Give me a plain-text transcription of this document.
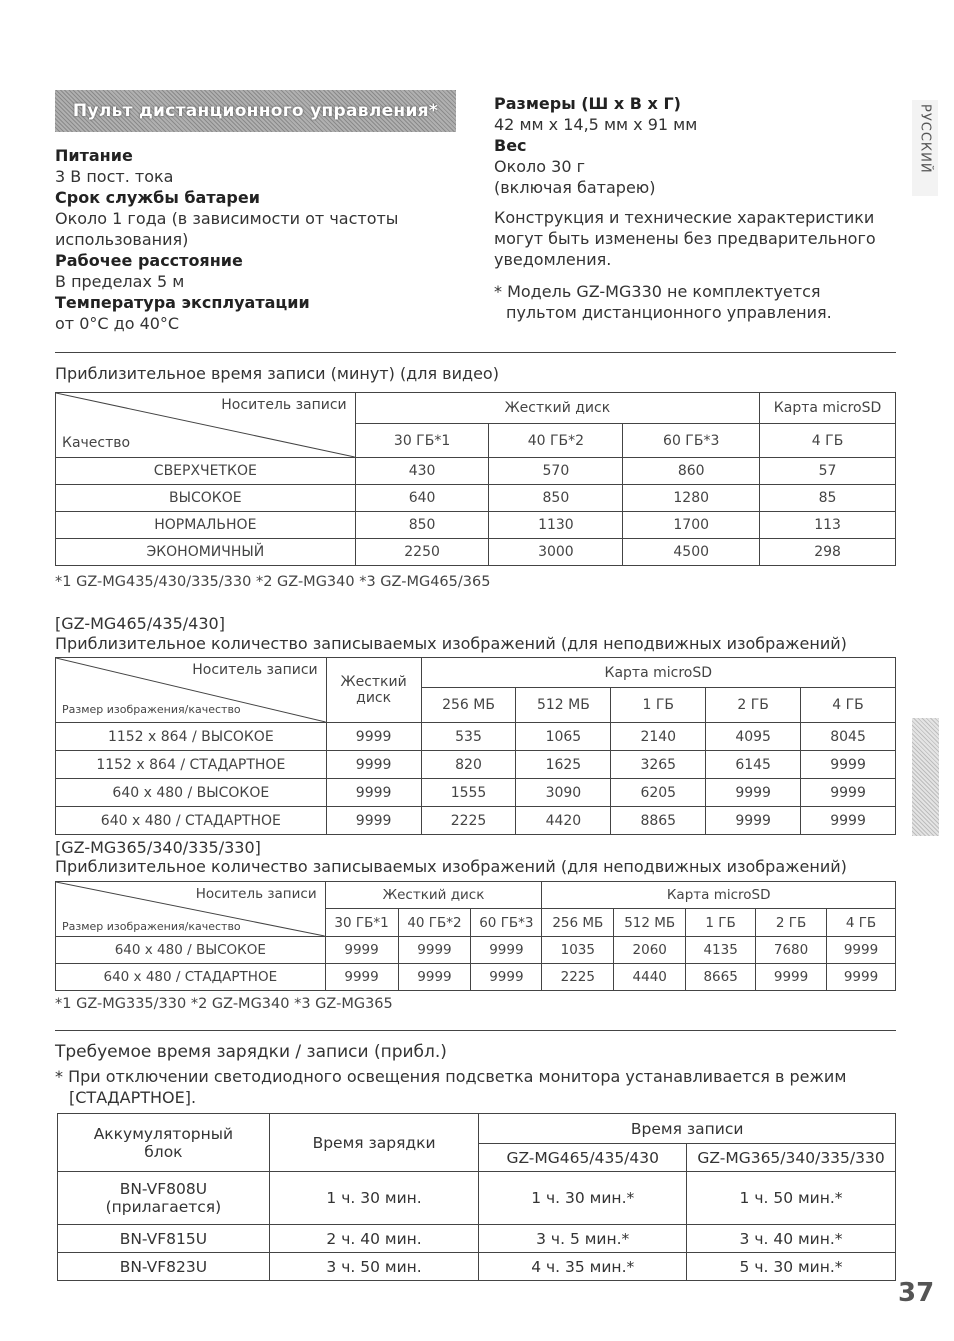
Пульт дистанционного управления*

Питание

3 В пост. тока

Срок службы батареи

Около 1 года (в зависимости от частоты

использования)

Рабочее расстояние

В пределах 5 м

Температура эксплуатации

от 0°С до 40°С

Размеры (Ш х В х Г)

42 мм х 14,5 мм х 91 мм

Вес

Около 30 г

(включая батарею)

Конструкция и технические характеристики

могут быть изменены без предварительного

уведомления.

* Модель GZ-MG330 не комплектуется

пультом дистанционного управления.

РУССКИЙ
Приблизительное время записи (минут) (для видео)
Носитель записи
Качество	Жесткий диск			Карта microSD
	30 ГБ*1	40 ГБ*2	60 ГБ*3	4 ГБ
СВЕРХЧЕТКОЕ	430	570	860	57
ВЫСОКОЕ	640	850	1280	85
НОРМАЛЬНОЕ	850	1130	1700	113
ЭКОНОМИЧНЫЙ	2250	3000	4500	298
*1 GZ-MG435/430/335/330 *2 GZ-MG340 *3 GZ-MG465/365
[GZ-MG465/435/430]
Приблизительное количество записываемых изображений (для неподвижных изображений)
Носитель записи
Размер изображения/качество	Жесткий
диск	Карта microSD				
		256 МБ	512 МБ	1 ГБ	2 ГБ	4 ГБ
1152 х 864 / ВЫСОКОЕ	9999	535	1065	2140	4095	8045
1152 х 864 / СТАДАРТНОЕ	9999	820	1625	3265	6145	9999
640 х 480 / ВЫСОКОЕ	9999	1555	3090	6205	9999	9999
640 х 480 / СТАДАРТНОЕ	9999	2225	4420	8865	9999	9999
[GZ-MG365/340/335/330]
Приблизительное количество записываемых изображений (для неподвижных изображений)
Носитель записи
Размер изображения/качество	Жесткий диск			Карта microSD				
	30 ГБ*1	40 ГБ*2	60 ГБ*3	256 МБ	512 МБ	1 ГБ	2 ГБ	4 ГБ
640 х 480 / ВЫСОКОЕ	9999	9999	9999	1035	2060	4135	7680	9999
640 х 480 / СТАДАРТНОЕ	9999	9999	9999	2225	4440	8665	9999	9999
*1 GZ-MG335/330 *2 GZ-MG340 *3 GZ-MG365
Требуемое время зарядки / записи (прибл.)
* При отключении светодиодного освещения подсветка монитора устанавливается в режим
[СТАДАРТНОЕ].
Аккумуляторный
блок	Время зарядки	Время записи	
		GZ-MG465/435/430	GZ-MG365/340/335/330
BN-VF808U
(прилагается)	1 ч. 30 мин.	1 ч. 30 мин.*	1 ч. 50 мин.*
BN-VF815U	2 ч. 40 мин.	3 ч. 5 мин.*	3 ч. 40 мин.*
BN-VF823U	3 ч. 50 мин.	4 ч. 35 мин.*	5 ч. 30 мин.*
37
